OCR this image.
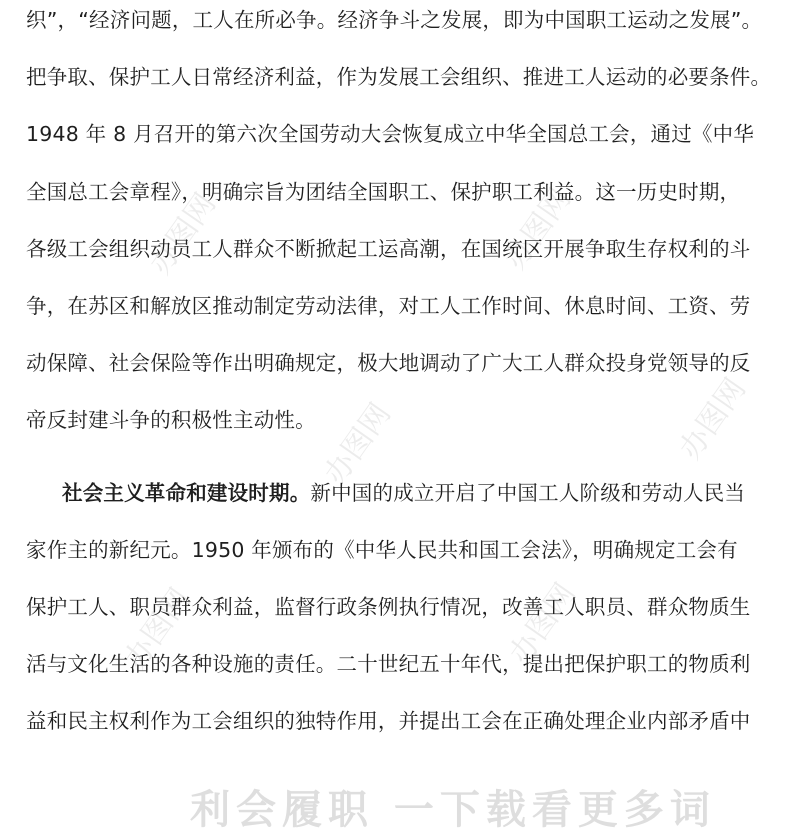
办图网	办图网
办图网
办图网	办图网
办图网
织”，“经济问题，工人在所必争。经济争斗之发展，即为中国职工运动之发展”。
把争取、保护工人日常经济利益，作为发展工会组织、推进工人运动的必要条件。
1948 年 8 月召开的第六次全国劳动大会恢复成立中华全国总工会，通过《中华
全国总工会章程》，明确宗旨为团结全国职工、保护职工利益。这一历史时期，
各级工会组织动员工人群众不断掀起工运高潮，在国统区开展争取生存权利的斗
争，在苏区和解放区推动制定劳动法律，对工人工作时间、休息时间、工资、劳
动保障、社会保险等作出明确规定，极大地调动了广大工人群众投身党领导的反
帝反封建斗争的积极性主动性。
社会主义革命和建设时期。新中国的成立开启了中国工人阶级和劳动人民当
家作主的新纪元。1950 年颁布的《中华人民共和国工会法》，明确规定工会有
保护工人、职员群众利益，监督行政条例执行情况，改善工人职员、群众物质生
活与文化生活的各种设施的责任。二十世纪五十年代，提出把保护职工的物质利
益和民主权利作为工会组织的独特作用，并提出工会在正确处理企业内部矛盾中
利会履职 一下载看更多词
